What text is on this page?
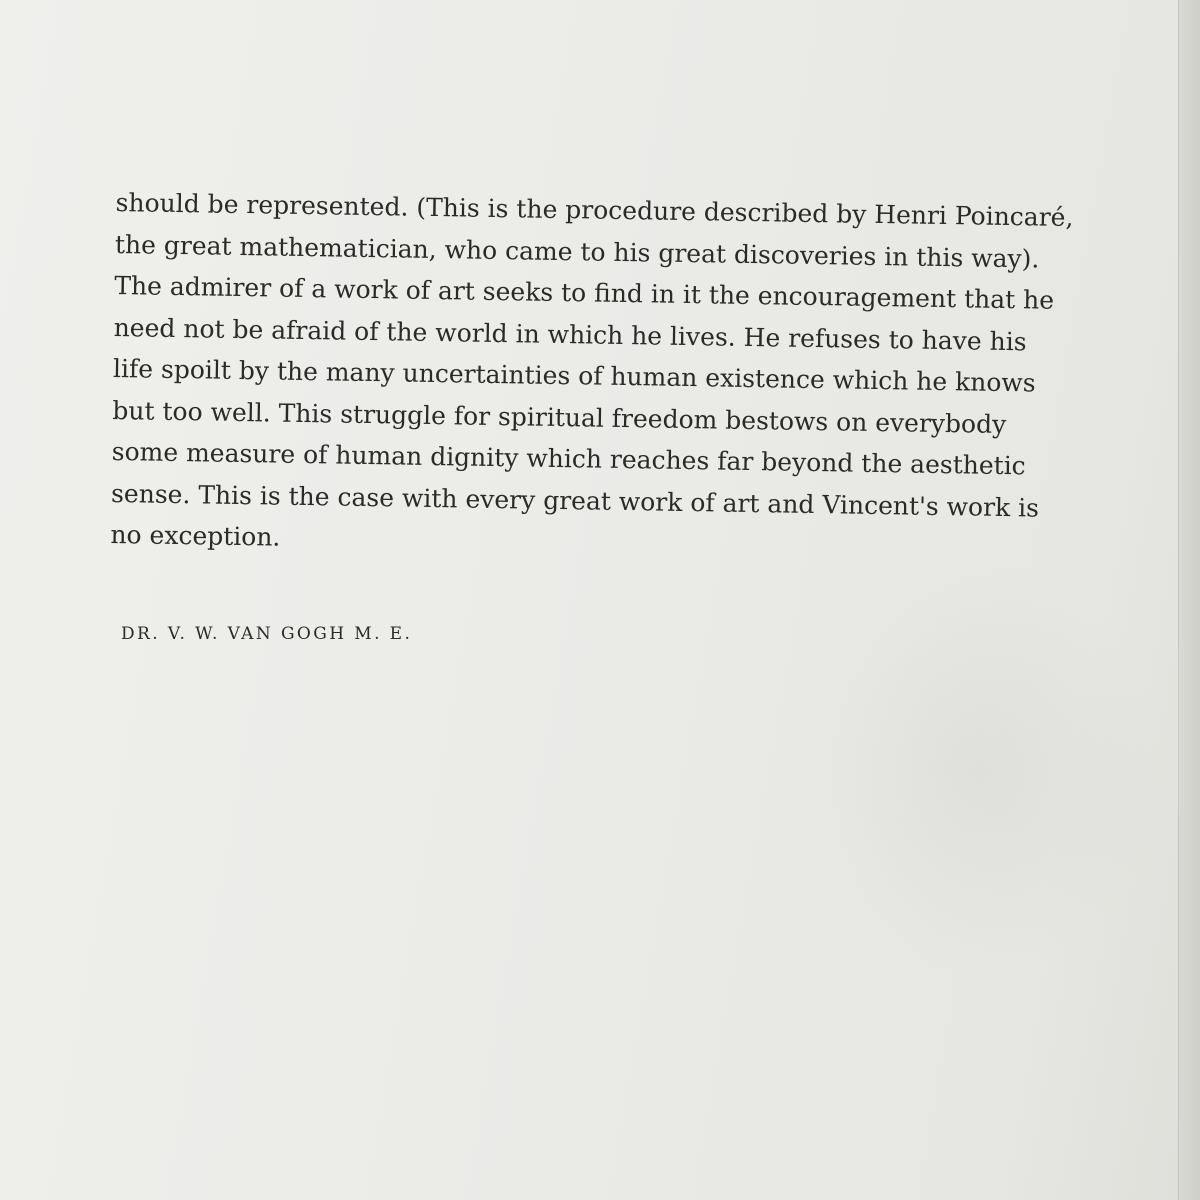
should be represented. (This is the procedure described by Henri Poincaré,
the great mathematician, who came to his great discoveries in this way).
The admirer of a work of art seeks to find in it the encouragement that he
need not be afraid of the world in which he lives. He refuses to have his
life spoilt by the many uncertainties of human existence which he knows
but too well. This struggle for spiritual freedom bestows on everybody
some measure of human dignity which reaches far beyond the aesthetic
sense. This is the case with every great work of art and Vincent's work is
no exception.
DR. V. W. VAN GOGH M. E.
